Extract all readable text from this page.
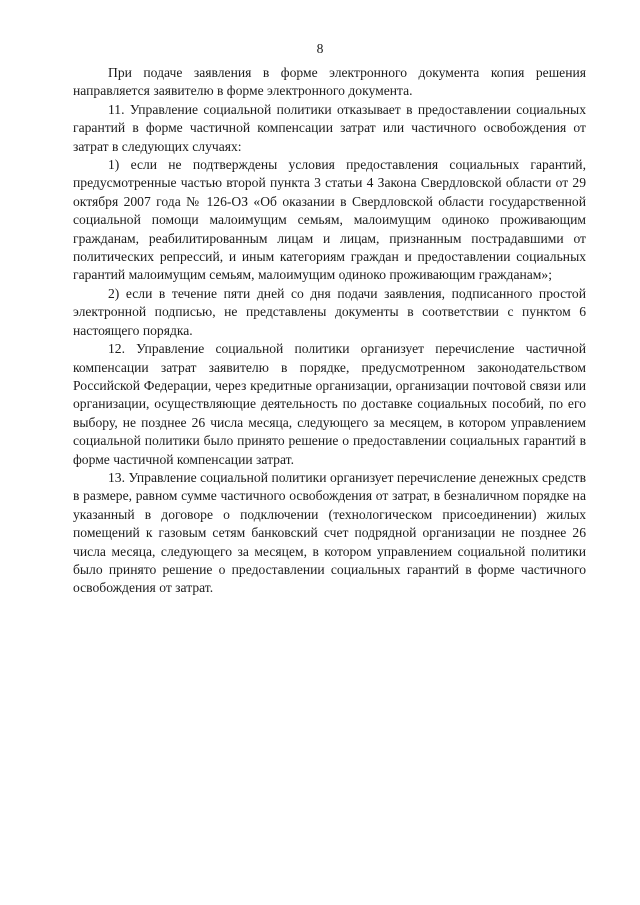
8

При подаче заявления в форме электронного документа копия решения направляется заявителю в форме электронного документа.

11. Управление социальной политики отказывает в предоставлении социальных гарантий в форме частичной компенсации затрат или частичного освобождения от затрат в следующих случаях:

1) если не подтверждены условия предоставления социальных гарантий, предусмотренные частью второй пункта 3 статьи 4 Закона Свердловской области от 29 октября 2007 года № 126-ОЗ «Об оказании в Свердловской области государственной социальной помощи малоимущим семьям, малоимущим одиноко проживающим гражданам, реабилитированным лицам и лицам, признанным пострадавшими от политических репрессий, и иным категориям граждан и предоставлении социальных гарантий малоимущим семьям, малоимущим одиноко проживающим гражданам»;

2) если в течение пяти дней со дня подачи заявления, подписанного простой электронной подписью, не представлены документы в соответствии с пунктом 6 настоящего порядка.

12. Управление социальной политики организует перечисление частичной компенсации затрат заявителю в порядке, предусмотренном законодательством Российской Федерации, через кредитные организации, организации почтовой связи или организации, осуществляющие деятельность по доставке социальных пособий, по его выбору, не позднее 26 числа месяца, следующего за месяцем, в котором управлением социальной политики было принято решение о предоставлении социальных гарантий в форме частичной компенсации затрат.

13. Управление социальной политики организует перечисление денежных средств в размере, равном сумме частичного освобождения от затрат, в безналичном порядке на указанный в договоре о подключении (технологическом присоединении) жилых помещений к газовым сетям банковский счет подрядной организации не позднее 26 числа месяца, следующего за месяцем, в котором управлением социальной политики было принято решение о предоставлении социальных гарантий в форме частичного освобождения от затрат.
